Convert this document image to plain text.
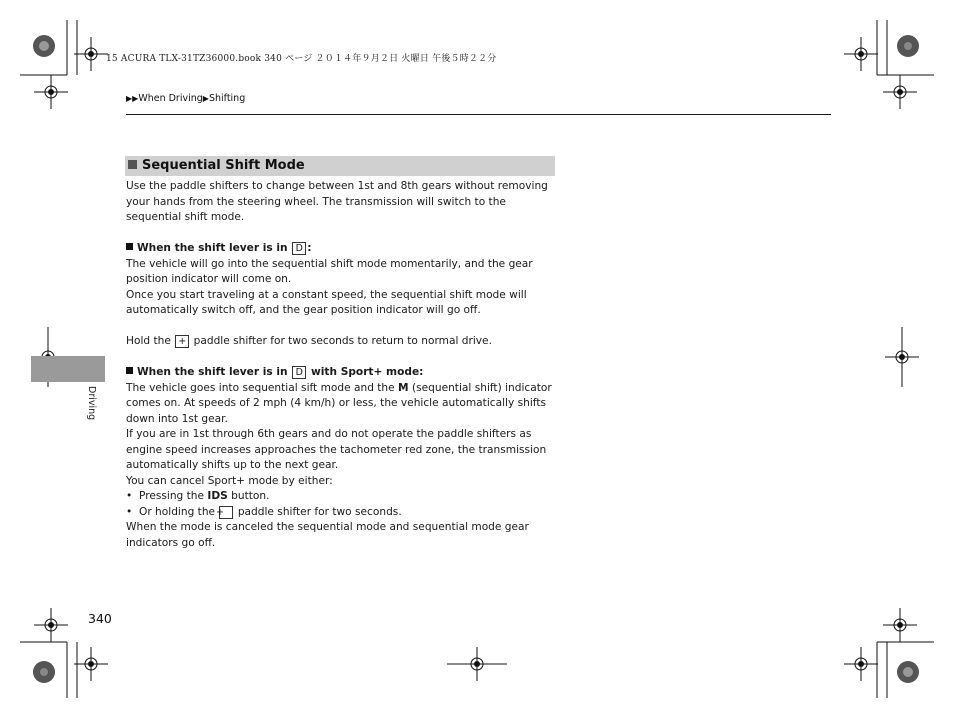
15 ACURA TLX-31TZ36000.book 340 ページ ２０１４年９月２日 火曜日 午後５時２２分
▶▶When Driving▶Shifting
Driving
Sequential Shift Mode

Use the paddle shifters to change between 1st and 8th gears without removing your hands from the steering wheel. The transmission will switch to the sequential shift mode.

When the shift lever is in D :

The vehicle will go into the sequential shift mode momentarily, and the gear position indicator will come on.

Once you start traveling at a constant speed, the sequential shift mode will automatically switch off, and the gear position indicator will go off.

Hold the + paddle shifter for two seconds to return to normal drive.

When the shift lever is in D with Sport+ mode:

The vehicle goes into sequential sift mode and the M (sequential shift) indicator comes on. At speeds of 2 mph (4 km/h) or less, the vehicle automatically shifts down into 1st gear.

If you are in 1st through 6th gears and do not operate the paddle shifters as engine speed increases approaches the tachometer red zone, the transmission automatically shifts up to the next gear.

You can cancel Sport+ mode by either:

• Pressing the IDS button.

• Or holding the + paddle shifter for two seconds.

When the mode is canceled the sequential mode and sequential mode gear indicators go off.

340
